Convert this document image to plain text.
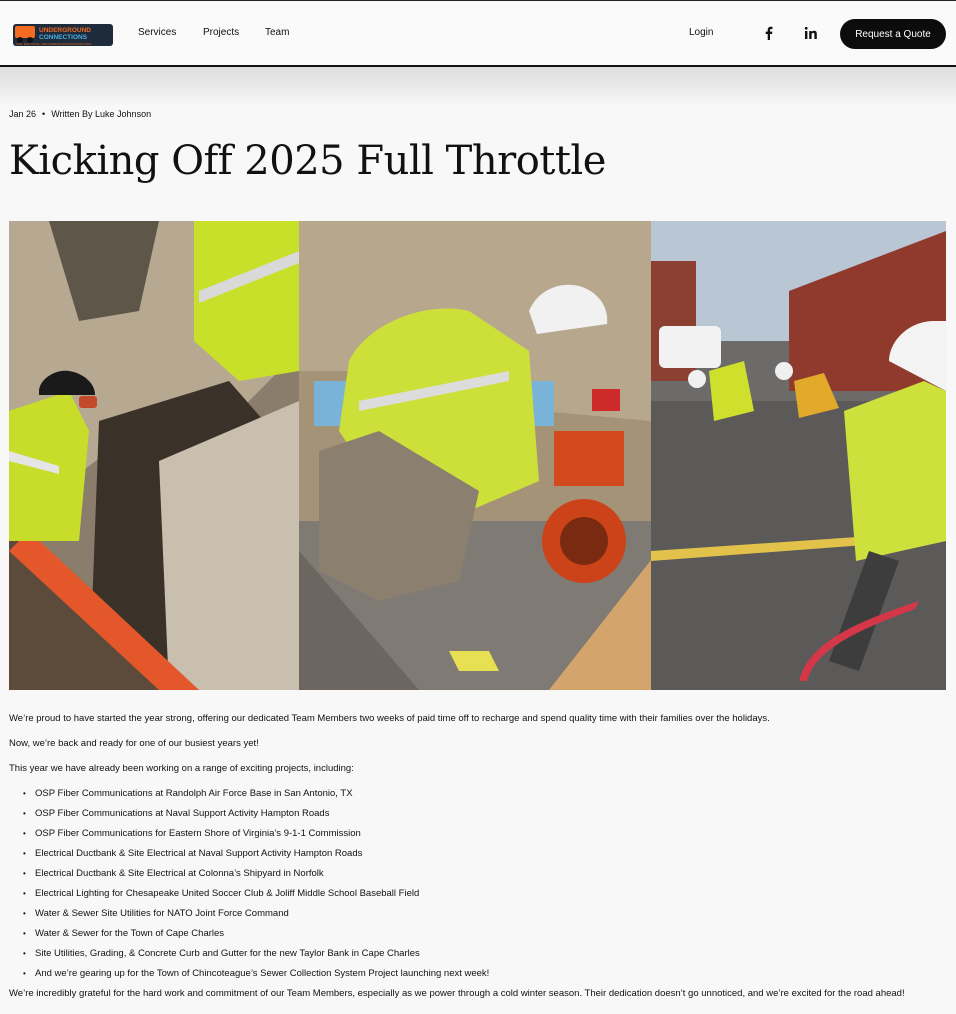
UNDERGROUND
CONNECTIONS
CIVIL, ELECTRICAL, AND COMMUNICATION CONSTRUCTION
Services	Projects	Team	Login	Request a Quote
Jan 26 • Written By Luke Johnson
Kicking Off 2025 Full Throttle

We’re proud to have started the year strong, offering our dedicated Team Members two weeks of paid time off to recharge and spend quality time with their families over the holidays.

Now, we’re back and ready for one of our busiest years yet!

This year we have already been working on a range of exciting projects, including:

• OSP Fiber Communications at Randolph Air Force Base in San Antonio, TX
• OSP Fiber Communications at Naval Support Activity Hampton Roads
• OSP Fiber Communications for Eastern Shore of Virginia’s 9-1-1 Commission
• Electrical Ductbank & Site Electrical at Naval Support Activity Hampton Roads
• Electrical Ductbank & Site Electrical at Colonna’s Shipyard in Norfolk
• Electrical Lighting for Chesapeake United Soccer Club & Joliff Middle School Baseball Field
• Water & Sewer Site Utilities for NATO Joint Force Command
• Water & Sewer for the Town of Cape Charles
• Site Utilities, Grading, & Concrete Curb and Gutter for the new Taylor Bank in Cape Charles
• And we’re gearing up for the Town of Chincoteague’s Sewer Collection System Project launching next week!

We’re incredibly grateful for the hard work and commitment of our Team Members, especially as we power through a cold winter season. Their dedication doesn’t go unnoticed, and we’re excited for the road ahead!
